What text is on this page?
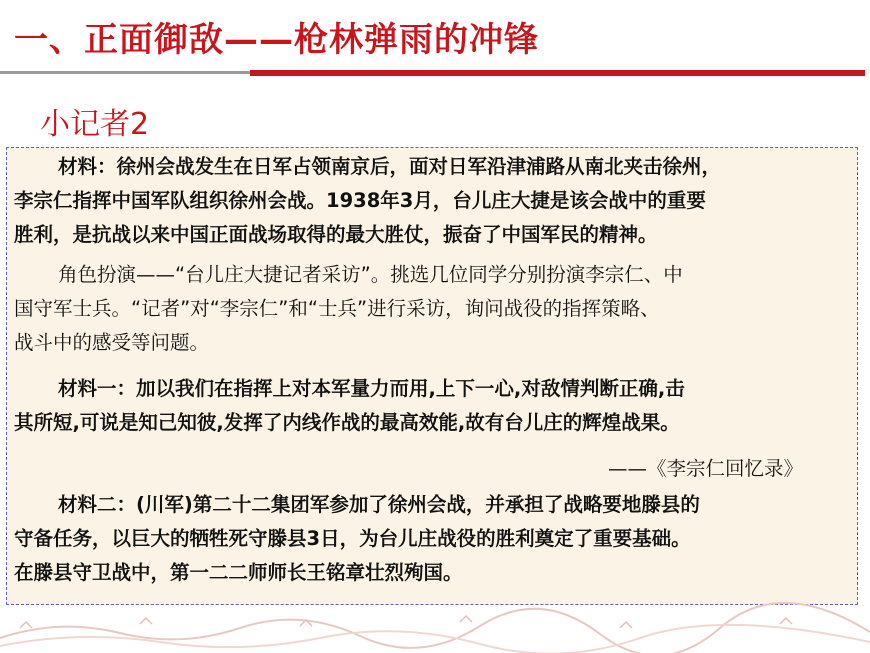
一、正面御敌——枪林弹雨的冲锋
小记者2

材料：徐州会战发生在日军占领南京后，面对日军沿津浦路从南北夹击徐州，
李宗仁指挥中国军队组织徐州会战。1938年3月，台儿庄大捷是该会战中的重要
胜利，是抗战以来中国正面战场取得的最大胜仗，振奋了中国军民的精神。

角色扮演——“台儿庄大捷记者采访”。挑选几位同学分别扮演李宗仁、中
国守军士兵。“记者”对“李宗仁”和“士兵”进行采访，询问战役的指挥策略、
战斗中的感受等问题。

材料一：加以我们在指挥上对本军量力而用,上下一心,对敌情判断正确,击
其所短,可说是知己知彼,发挥了内线作战的最高效能,故有台儿庄的辉煌战果。

——《李宗仁回忆录》

材料二：(川军)第二十二集团军参加了徐州会战，并承担了战略要地滕县的
守备任务，以巨大的牺牲死守滕县3日，为台儿庄战役的胜利奠定了重要基础。
在滕县守卫战中，第一二二师师长王铭章壮烈殉国。
